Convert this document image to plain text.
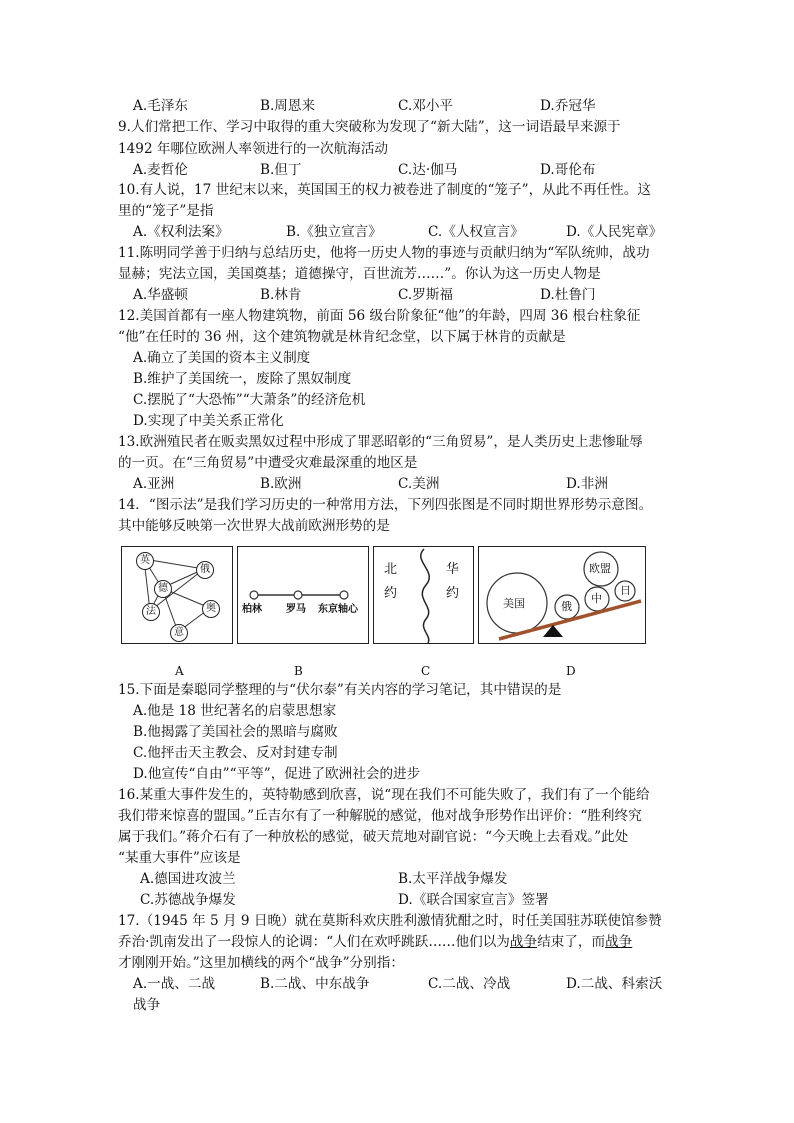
A.毛泽东	B.周恩来	C.邓小平	D.乔冠华
9.人们常把工作、学习中取得的重大突破称为发现了“新大陆”，这一词语最早来源于
1492 年哪位欧洲人率领进行的一次航海活动
A.麦哲伦	B.但丁	C.达·伽马	D.哥伦布
10.有人说，17 世纪末以来，英国国王的权力被卷进了制度的“笼子”，从此不再任性。这
里的“笼子”是指
A.《权利法案》	B.《独立宣言》	C.《人权宣言》	D.《人民宪章》
11.陈明同学善于归纳与总结历史，他将一历史人物的事迹与贡献归纳为“军队统帅，战功
显赫；宪法立国，美国奠基；道德操守，百世流芳……”。你认为这一历史人物是
A.华盛顿	B.林肯	C.罗斯福	D.杜鲁门
12.美国首都有一座人物建筑物，前面 56 级台阶象征“他”的年龄，四周 36 根台柱象征
“他”在任时的 36 州，这个建筑物就是林肯纪念堂，以下属于林肯的贡献是
A.确立了美国的资本主义制度
B.维护了美国统一，废除了黑奴制度
C.摆脱了“大恐怖”“大萧条”的经济危机
D.实现了中美关系正常化
13.欧洲殖民者在贩卖黑奴过程中形成了罪恶昭彰的“三角贸易”，是人类历史上悲惨耻辱
的一页。在“三角贸易”中遭受灾难最深重的地区是
A.亚洲	B.欧洲	C.美洲	D.非洲
14．“图示法”是我们学习历史的一种常用方法，下列四张图是不同时期世界形势示意图。
其中能够反映第一次世界大战前欧洲形势的是
英
俄
德
法	奥
意
柏林 罗马 东京轴心
北
约
华
约
美国	俄
中
欧盟
日
A	B	C	D
15.下面是秦聪同学整理的与“伏尔泰”有关内容的学习笔记，其中错误的是
A.他是 18 世纪著名的启蒙思想家
B.他揭露了美国社会的黑暗与腐败
C.他抨击天主教会、反对封建专制
D.他宣传“自由”“平等”，促进了欧洲社会的进步
16.某重大事件发生的，英特勒感到欣喜，说“现在我们不可能失败了，我们有了一个能给
我们带来惊喜的盟国。”丘吉尔有了一种解脱的感觉，他对战争形势作出评价：“胜利终究
属于我们。”蒋介石有了一种放松的感觉，破天荒地对副官说：“今天晚上去看戏。”此处
“某重大事件”应该是
A.德国进攻波兰	B.太平洋战争爆发
C.苏德战争爆发	D.《联合国家宣言》签署
17.（1945 年 5 月 9 日晚）就在莫斯科欢庆胜利激情犹酣之时，时任美国驻苏联使馆参赞
乔治·凯南发出了一段惊人的论调：“人们在欢呼跳跃……他们以为战争结束了，而战争
才刚刚开始。”这里加横线的两个“战争”分别指：
A.一战、二战	B.二战、中东战争	C.二战、冷战	D.二战、科索沃
战争
